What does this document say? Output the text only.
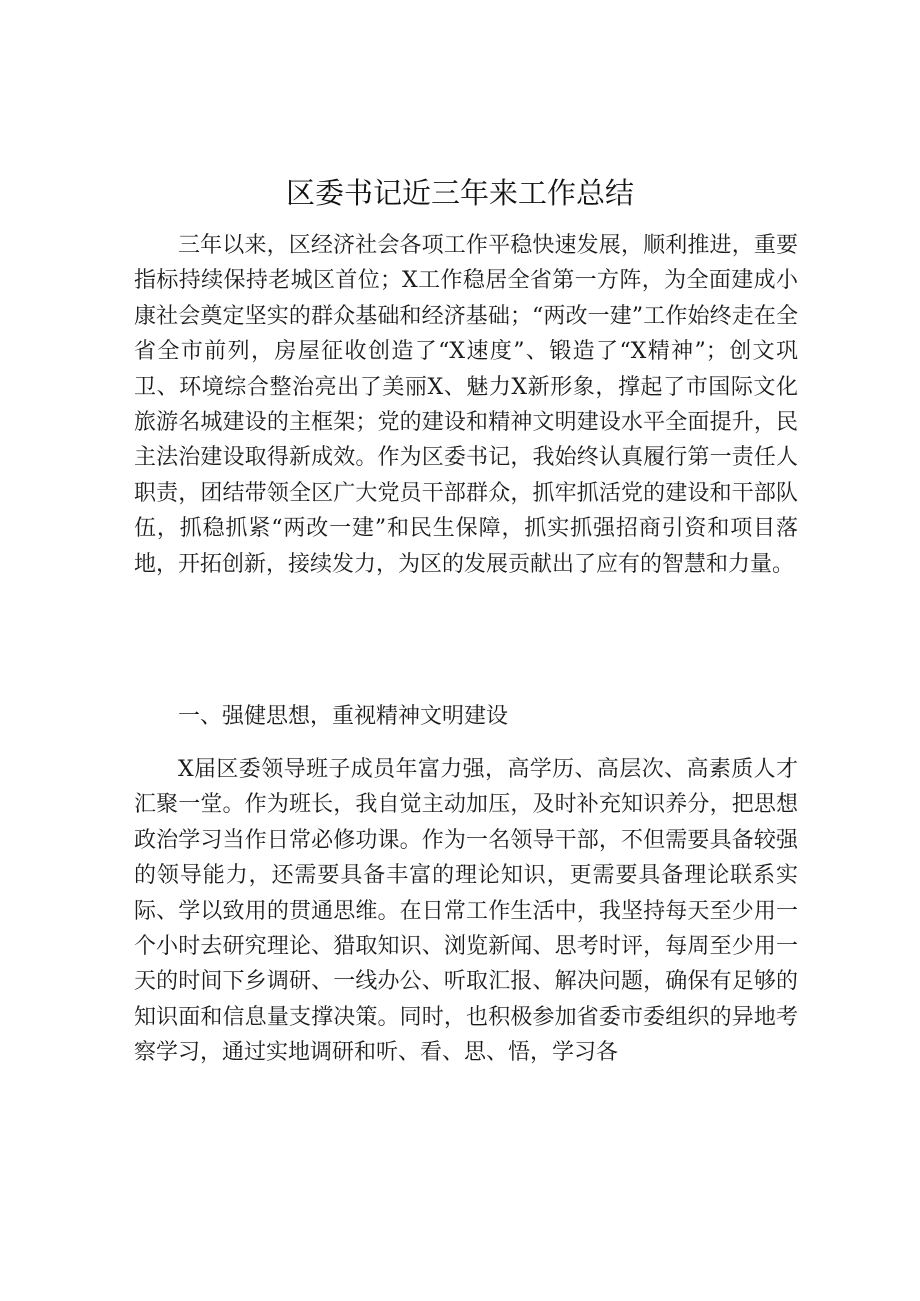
区委书记近三年来工作总结

三年以来，区经济社会各项工作平稳快速发展，顺利推进，重要指标持续保持老城区首位；X工作稳居全省第一方阵，为全面建成小康社会奠定坚实的群众基础和经济基础；“两改一建”工作始终走在全省全市前列，房屋征收创造了“X速度”、锻造了“X精神”；创文巩卫、环境综合整治亮出了美丽X、魅力X新形象，撑起了市国际文化旅游名城建设的主框架；党的建设和精神文明建设水平全面提升，民主法治建设取得新成效。作为区委书记，我始终认真履行第一责任人职责，团结带领全区广大党员干部群众，抓牢抓活党的建设和干部队伍，抓稳抓紧“两改一建”和民生保障，抓实抓强招商引资和项目落地，开拓创新，接续发力，为区的发展贡献出了应有的智慧和力量。

一、强健思想，重视精神文明建设

X届区委领导班子成员年富力强，高学历、高层次、高素质人才汇聚一堂。作为班长，我自觉主动加压，及时补充知识养分，把思想政治学习当作日常必修功课。作为一名领导干部，不但需要具备较强的领导能力，还需要具备丰富的理论知识，更需要具备理论联系实际、学以致用的贯通思维。在日常工作生活中，我坚持每天至少用一个小时去研究理论、猎取知识、浏览新闻、思考时评，每周至少用一天的时间下乡调研、一线办公、听取汇报、解决问题，确保有足够的知识面和信息量支撑决策。同时，也积极参加省委市委组织的异地考察学习，通过实地调研和听、看、思、悟，学习各
